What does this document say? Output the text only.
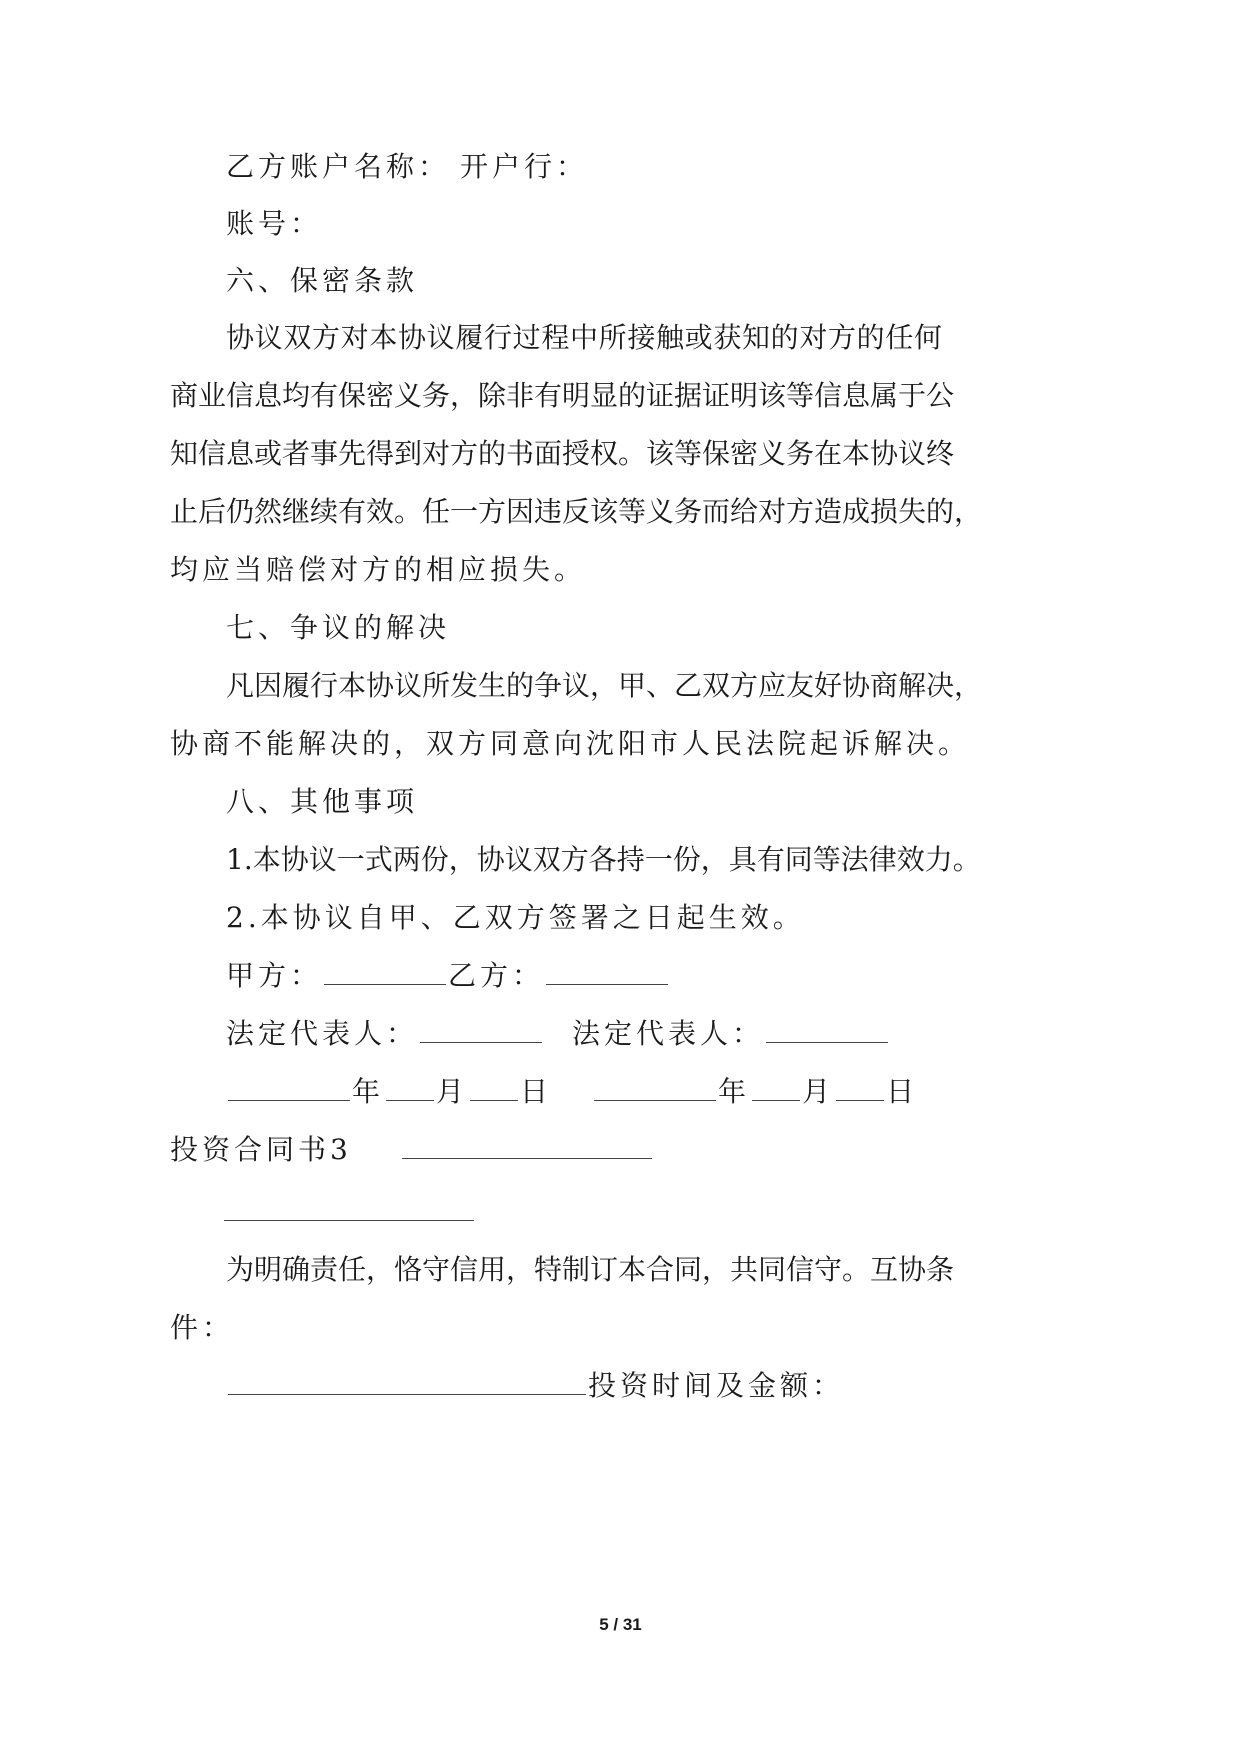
乙方账户名称： 开户行：
账号：
六、保密条款
协议双方对本协议履行过程中所接触或获知的对方的任何
商业信息均有保密义务，除非有明显的证据证明该等信息属于公
知信息或者事先得到对方的书面授权。该等保密义务在本协议终
止后仍然继续有效。任一方因违反该等义务而给对方造成损失的，
均应当赔偿对方的相应损失。
七、争议的解决
凡因履行本协议所发生的争议，甲、乙双方应友好协商解决，
协商不能解决的，双方同意向沈阳市人民法院起诉解决。
八、其他事项
1.本协议一式两份，协议双方各持一份，具有同等法律效力。
2.本协议自甲、乙双方签署之日起生效。
甲方：	乙方：
法定代表人：	法定代表人：
年 月 日	年 月 日
投资合同书3
为明确责任，恪守信用，特制订本合同，共同信守。互协条
件：
投资时间及金额：
5 / 31
